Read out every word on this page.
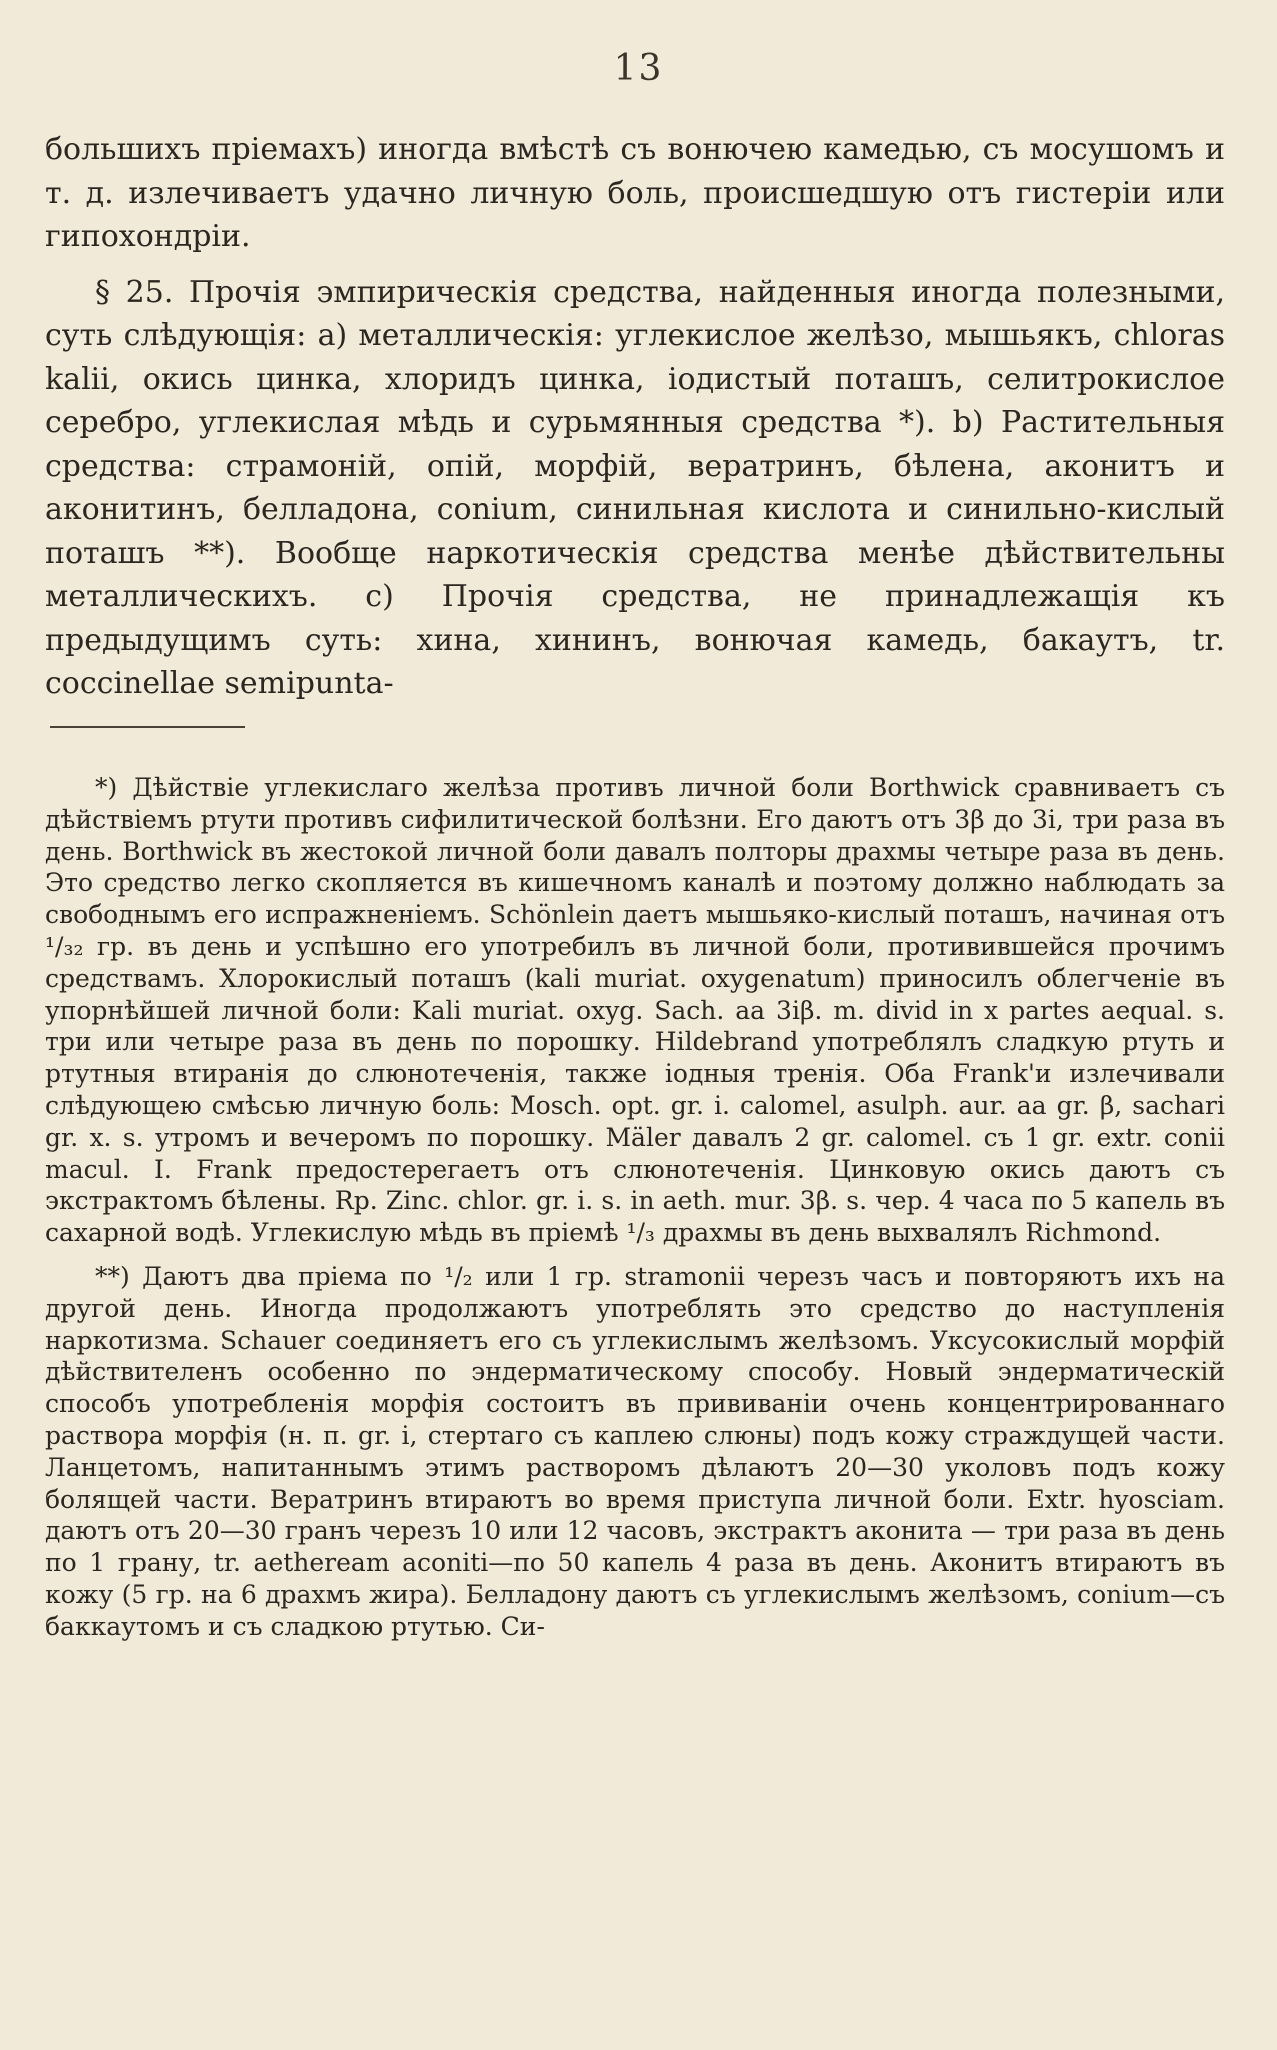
13

большихъ пріемахъ) иногда вмѣстѣ съ вонючею камедью, съ мосушомъ и т. д. излечиваетъ удачно личную боль, происшедшую отъ гистеріи или гипохондріи.

§ 25. Прочія эмпирическія средства, найденныя иногда полезными, суть слѣдующія: а) металлическія: углекислое желѣзо, мышьякъ, chloras kalii, окись цинка, хлоридъ цинка, іодистый поташъ, селитрокислое серебро, углекислая мѣдь и сурьмянныя средства *). b) Растительныя средства: страмоній, опій, морфій, вератринъ, бѣлена, аконитъ и аконитинъ, белладона, conium, синильная кислота и синильно-кислый поташъ **). Вообще наркотическія средства менѣе дѣйствительны металлическихъ. c) Прочія средства, не принадлежащія къ предыдущимъ суть: хина, хининъ, вонючая камедь, бакаутъ, tr. coccinellae semipunta-

*) Дѣйствіе углекислаго желѣза противъ личной боли Borthwick сравниваетъ съ дѣйствіемъ ртути противъ сифилитической болѣзни. Его даютъ отъ 3β до 3i, три раза въ день. Borthwick въ жестокой личной боли давалъ полторы драхмы четыре раза въ день. Это средство легко скопляется въ кишечномъ каналѣ и поэтому должно наблюдать за свободнымъ его испражненіемъ. Schönlein даетъ мышьяко-кислый поташъ, начиная отъ ¹/₃₂ гр. въ день и успѣшно его употребилъ въ личной боли, противившейся прочимъ средствамъ. Хлорокислый поташъ (kali muriat. oxygenatum) приносилъ облегченіе въ упорнѣйшей личной боли: Kali muriat. oxyg. Sach. aa 3iβ. m. divid in x partes aequal. s. три или четыре раза въ день по порошку. Hildebrand употреблялъ сладкую ртуть и ртутныя втиранія до слюнотеченія, также іодныя тренія. Оба Frank'и излечивали слѣдующею смѣсью личную боль: Mosch. opt. gr. i. calomel, asulph. aur. aa gr. β, sachari gr. x. s. утромъ и вечеромъ по порошку. Mäler давалъ 2 gr. calomel. съ 1 gr. extr. conii macul. I. Frank предостерегаетъ отъ слюнотеченія. Цинковую окись даютъ съ экстрактомъ бѣлены. Rp. Zinc. chlor. gr. i. s. in aeth. mur. 3β. s. чер. 4 часа по 5 капель въ сахарной водѣ. Углекислую мѣдь въ пріемѣ ¹/₃ драхмы въ день выхвалялъ Richmond.

**) Даютъ два пріема по ¹/₂ или 1 гр. stramonii черезъ часъ и повторяютъ ихъ на другой день. Иногда продолжаютъ употреблять это средство до наступленія наркотизма. Schauer соединяетъ его съ углекислымъ желѣзомъ. Уксусокислый морфій дѣйствителенъ особенно по эндерматическому способу. Новый эндерматическій способъ употребленія морфія состоитъ въ прививаніи очень концентрированнаго раствора морфія (н. п. gr. i, стертаго съ каплею слюны) подъ кожу страждущей части. Ланцетомъ, напитаннымъ этимъ растворомъ дѣлаютъ 20—30 уколовъ подъ кожу болящей части. Вератринъ втираютъ во время приступа личной боли. Extr. hyosciam. даютъ отъ 20—30 гранъ черезъ 10 или 12 часовъ, экстрактъ аконита — три раза въ день по 1 грану, tr. aetheream aconiti—по 50 капель 4 раза въ день. Аконитъ втираютъ въ кожу (5 гр. на 6 драхмъ жира). Белладону даютъ съ углекислымъ желѣзомъ, conium—съ баккаутомъ и съ сладкою ртутью. Си-
